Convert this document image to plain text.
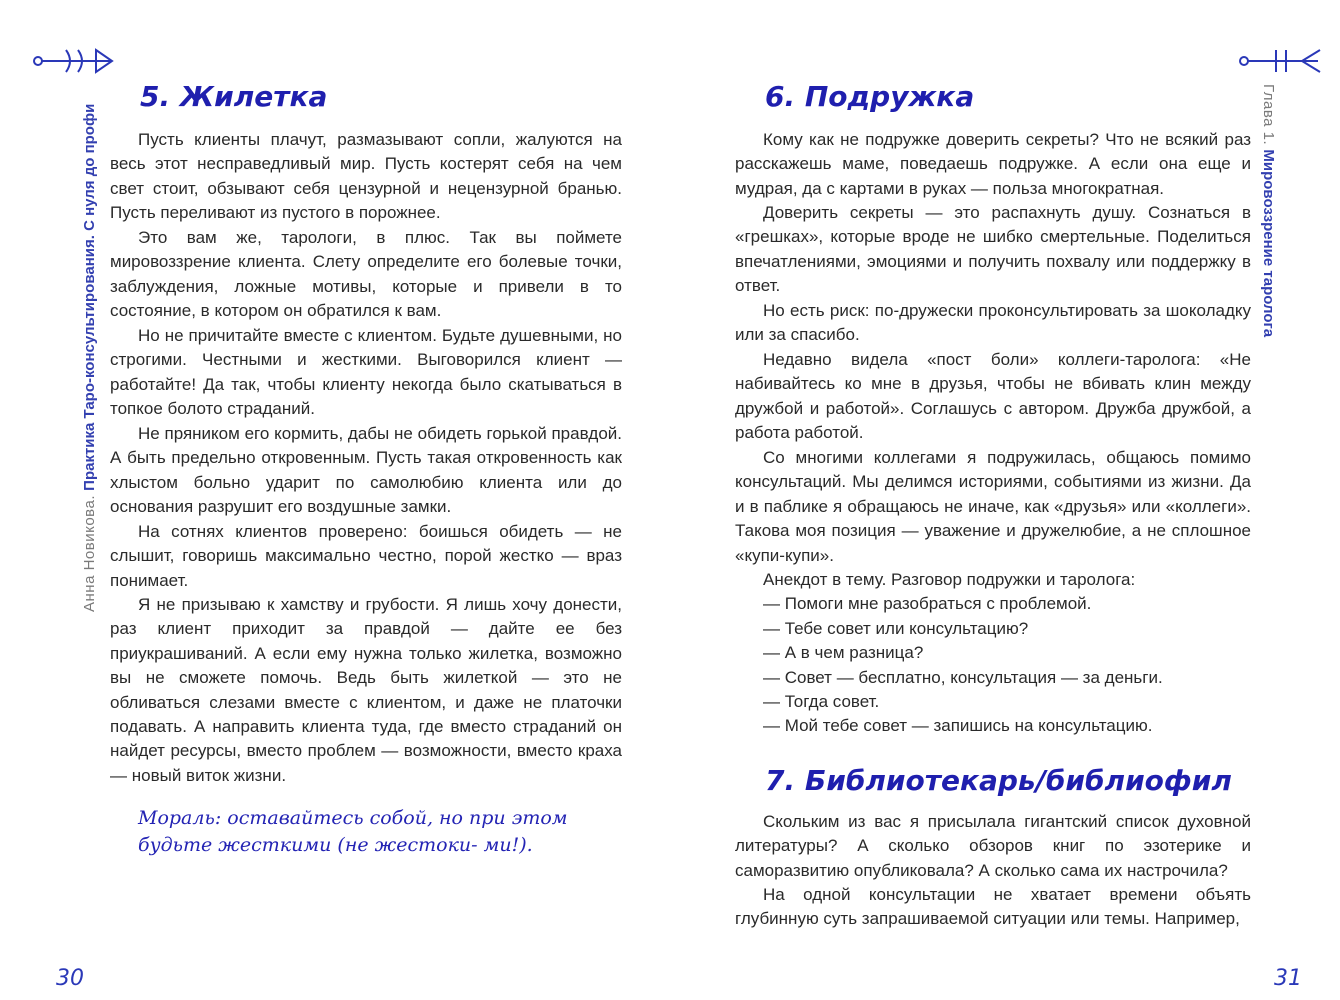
Анна Новикова. Практика Таро-консультирования. С нуля до профи
5. Жилетка

Пусть клиенты плачут, размазывают сопли, жалуются на весь этот несправедливый мир. Пусть костерят себя на чем свет стоит, обзывают себя цензурной и нецензурной бранью. Пусть переливают из пустого в порожнее.

Это вам же, тарологи, в плюс. Так вы поймете мировоззрение клиента. Слету определите его болевые точки, заблуждения, ложные мотивы, которые и привели в то состояние, в котором он обратился к вам.

Но не причитайте вместе с клиентом. Будьте душевными, но строгими. Честными и жесткими. Выговорился клиент — работайте! Да так, чтобы клиенту некогда было скатываться в топкое болото страданий.

Не пряником его кормить, дабы не обидеть горькой правдой. А быть предельно откровенным. Пусть такая откровенность как хлыстом больно ударит по самолюбию клиента или до основания разрушит его воздушные замки.

На сотнях клиентов проверено: боишься обидеть — не слышит, говоришь максимально честно, порой жестко — враз понимает.

Я не призываю к хамству и грубости. Я лишь хочу донести, раз клиент приходит за правдой — дайте ее без приукрашиваний. А если ему нужна только жилетка, возможно вы не сможете помочь. Ведь быть жилеткой — это не обливаться слезами вместе с клиентом, и даже не платочки подавать. А направить клиента туда, где вместо страданий он найдет ресурсы, вместо проблем — возможности, вместо краха — новый виток жизни.

Мораль: оставайтесь собой, но при этом будьте жесткими (не жестоки- ми!).

30
Глава 1. Мировоззрение таролога
6. Подружка

Кому как не подружке доверить секреты? Что не всякий раз расскажешь маме, поведаешь подружке. А если она еще и мудрая, да с картами в руках — польза многократная.

Доверить секреты — это распахнуть душу. Сознаться в «грешках», которые вроде не шибко смертельные. Поделиться впечатлениями, эмоциями и получить похвалу или поддержку в ответ.

Но есть риск: по-дружески проконсультировать за шоколадку или за спасибо.

Недавно видела «пост боли» коллеги-таролога: «Не набивайтесь ко мне в друзья, чтобы не вбивать клин между дружбой и работой». Соглашусь с автором. Дружба дружбой, а работа работой.

Со многими коллегами я подружилась, общаюсь помимо консультаций. Мы делимся историями, событиями из жизни. Да и в паблике я обращаюсь не иначе, как «друзья» или «коллеги». Такова моя позиция — уважение и дружелюбие, а не сплошное «купи-купи».

Анекдот в тему. Разговор подружки и таролога:

— Помоги мне разобраться с проблемой.

— Тебе совет или консультацию?

— А в чем разница?

— Совет — бесплатно, консультация — за деньги.

— Тогда совет.

— Мой тебе совет — запишись на консультацию.

7. Библиотекарь/библиофил

Скольким из вас я присылала гигантский список духовной литературы? А сколько обзоров книг по эзотерике и саморазвитию опубликовала? А сколько сама их настрочила?

На одной консультации не хватает времени объять глубинную суть запрашиваемой ситуации или темы. Например,

31
